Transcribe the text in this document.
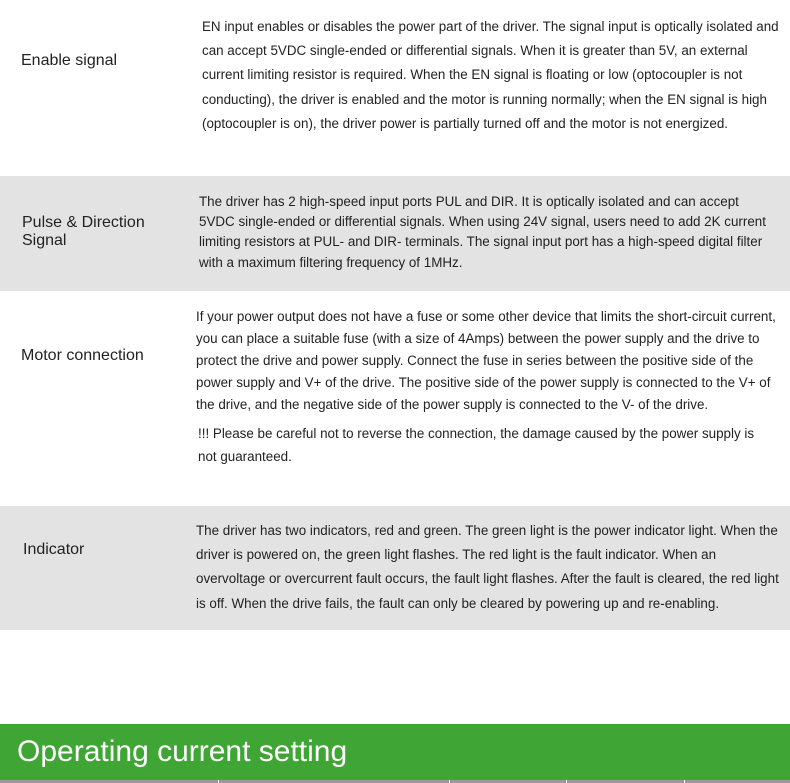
Enable signal

EN input enables or disables the power part of the driver. The signal input is optically isolated and can accept 5VDC single-ended or differential signals. When it is greater than 5V, an external current limiting resistor is required. When the EN signal is floating or low (optocoupler is not conducting), the driver is enabled and the motor is running normally; when the EN signal is high (optocoupler is on), the driver power is partially turned off and the motor is not energized.

Pulse & Direction
Signal

The driver has 2 high-speed input ports PUL and DIR. It is optically isolated and can accept 5VDC single-ended or differential signals. When using 24V signal, users need to add 2K current limiting resistors at PUL- and DIR- terminals. The signal input port has a high-speed digital filter with a maximum filtering frequency of 1MHz.

Motor connection

If your power output does not have a fuse or some other device that limits the short-circuit current, you can place a suitable fuse (with a size of 4Amps) between the power supply and the drive to protect the drive and power supply. Connect the fuse in series between the positive side of the power supply and V+ of the drive. The positive side of the power supply is connected to the V+ of the drive, and the negative side of the power supply is connected to the V- of the drive.

!!! Please be careful not to reverse the connection, the damage caused by the power supply is not guaranteed.

Indicator

The driver has two indicators, red and green. The green light is the power indicator light. When the driver is powered on, the green light flashes. The red light is the fault indicator. When an overvoltage or overcurrent fault occurs, the fault light flashes. After the fault is cleared, the red light is off. When the drive fails, the fault can only be cleared by powering up and re-enabling.

Operating current setting
